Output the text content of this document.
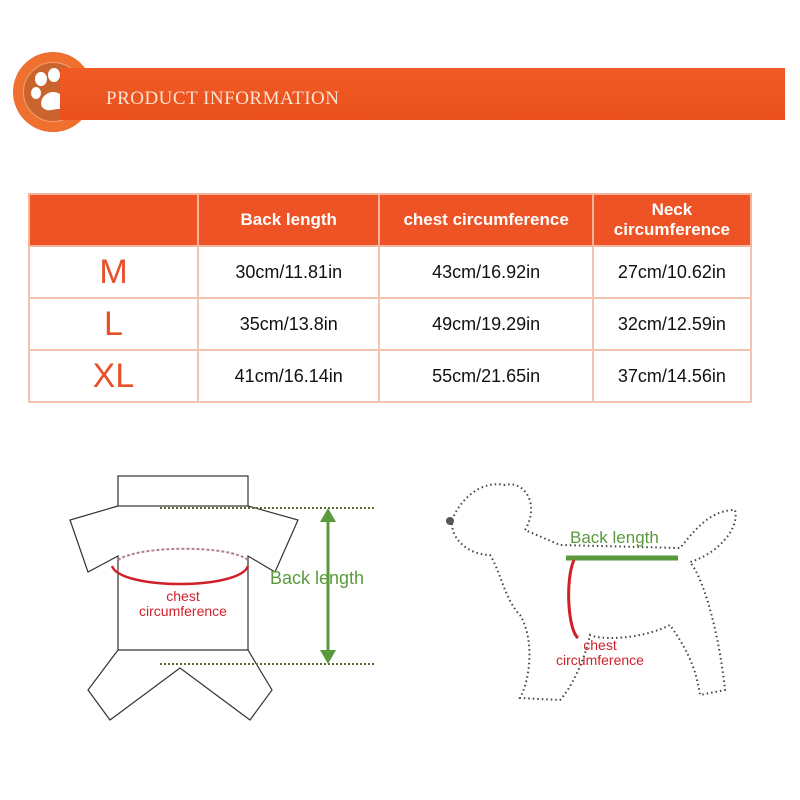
PRODUCT INFORMATION
	Back length	chest circumference	Neck circumference
M	30cm/11.81in	43cm/16.92in	27cm/10.62in
L	35cm/13.8in	49cm/19.29in	32cm/12.59in
XL	41cm/16.14in	55cm/21.65in	37cm/14.56in
Back length
chest
circumference
Back length
chest
circumference
